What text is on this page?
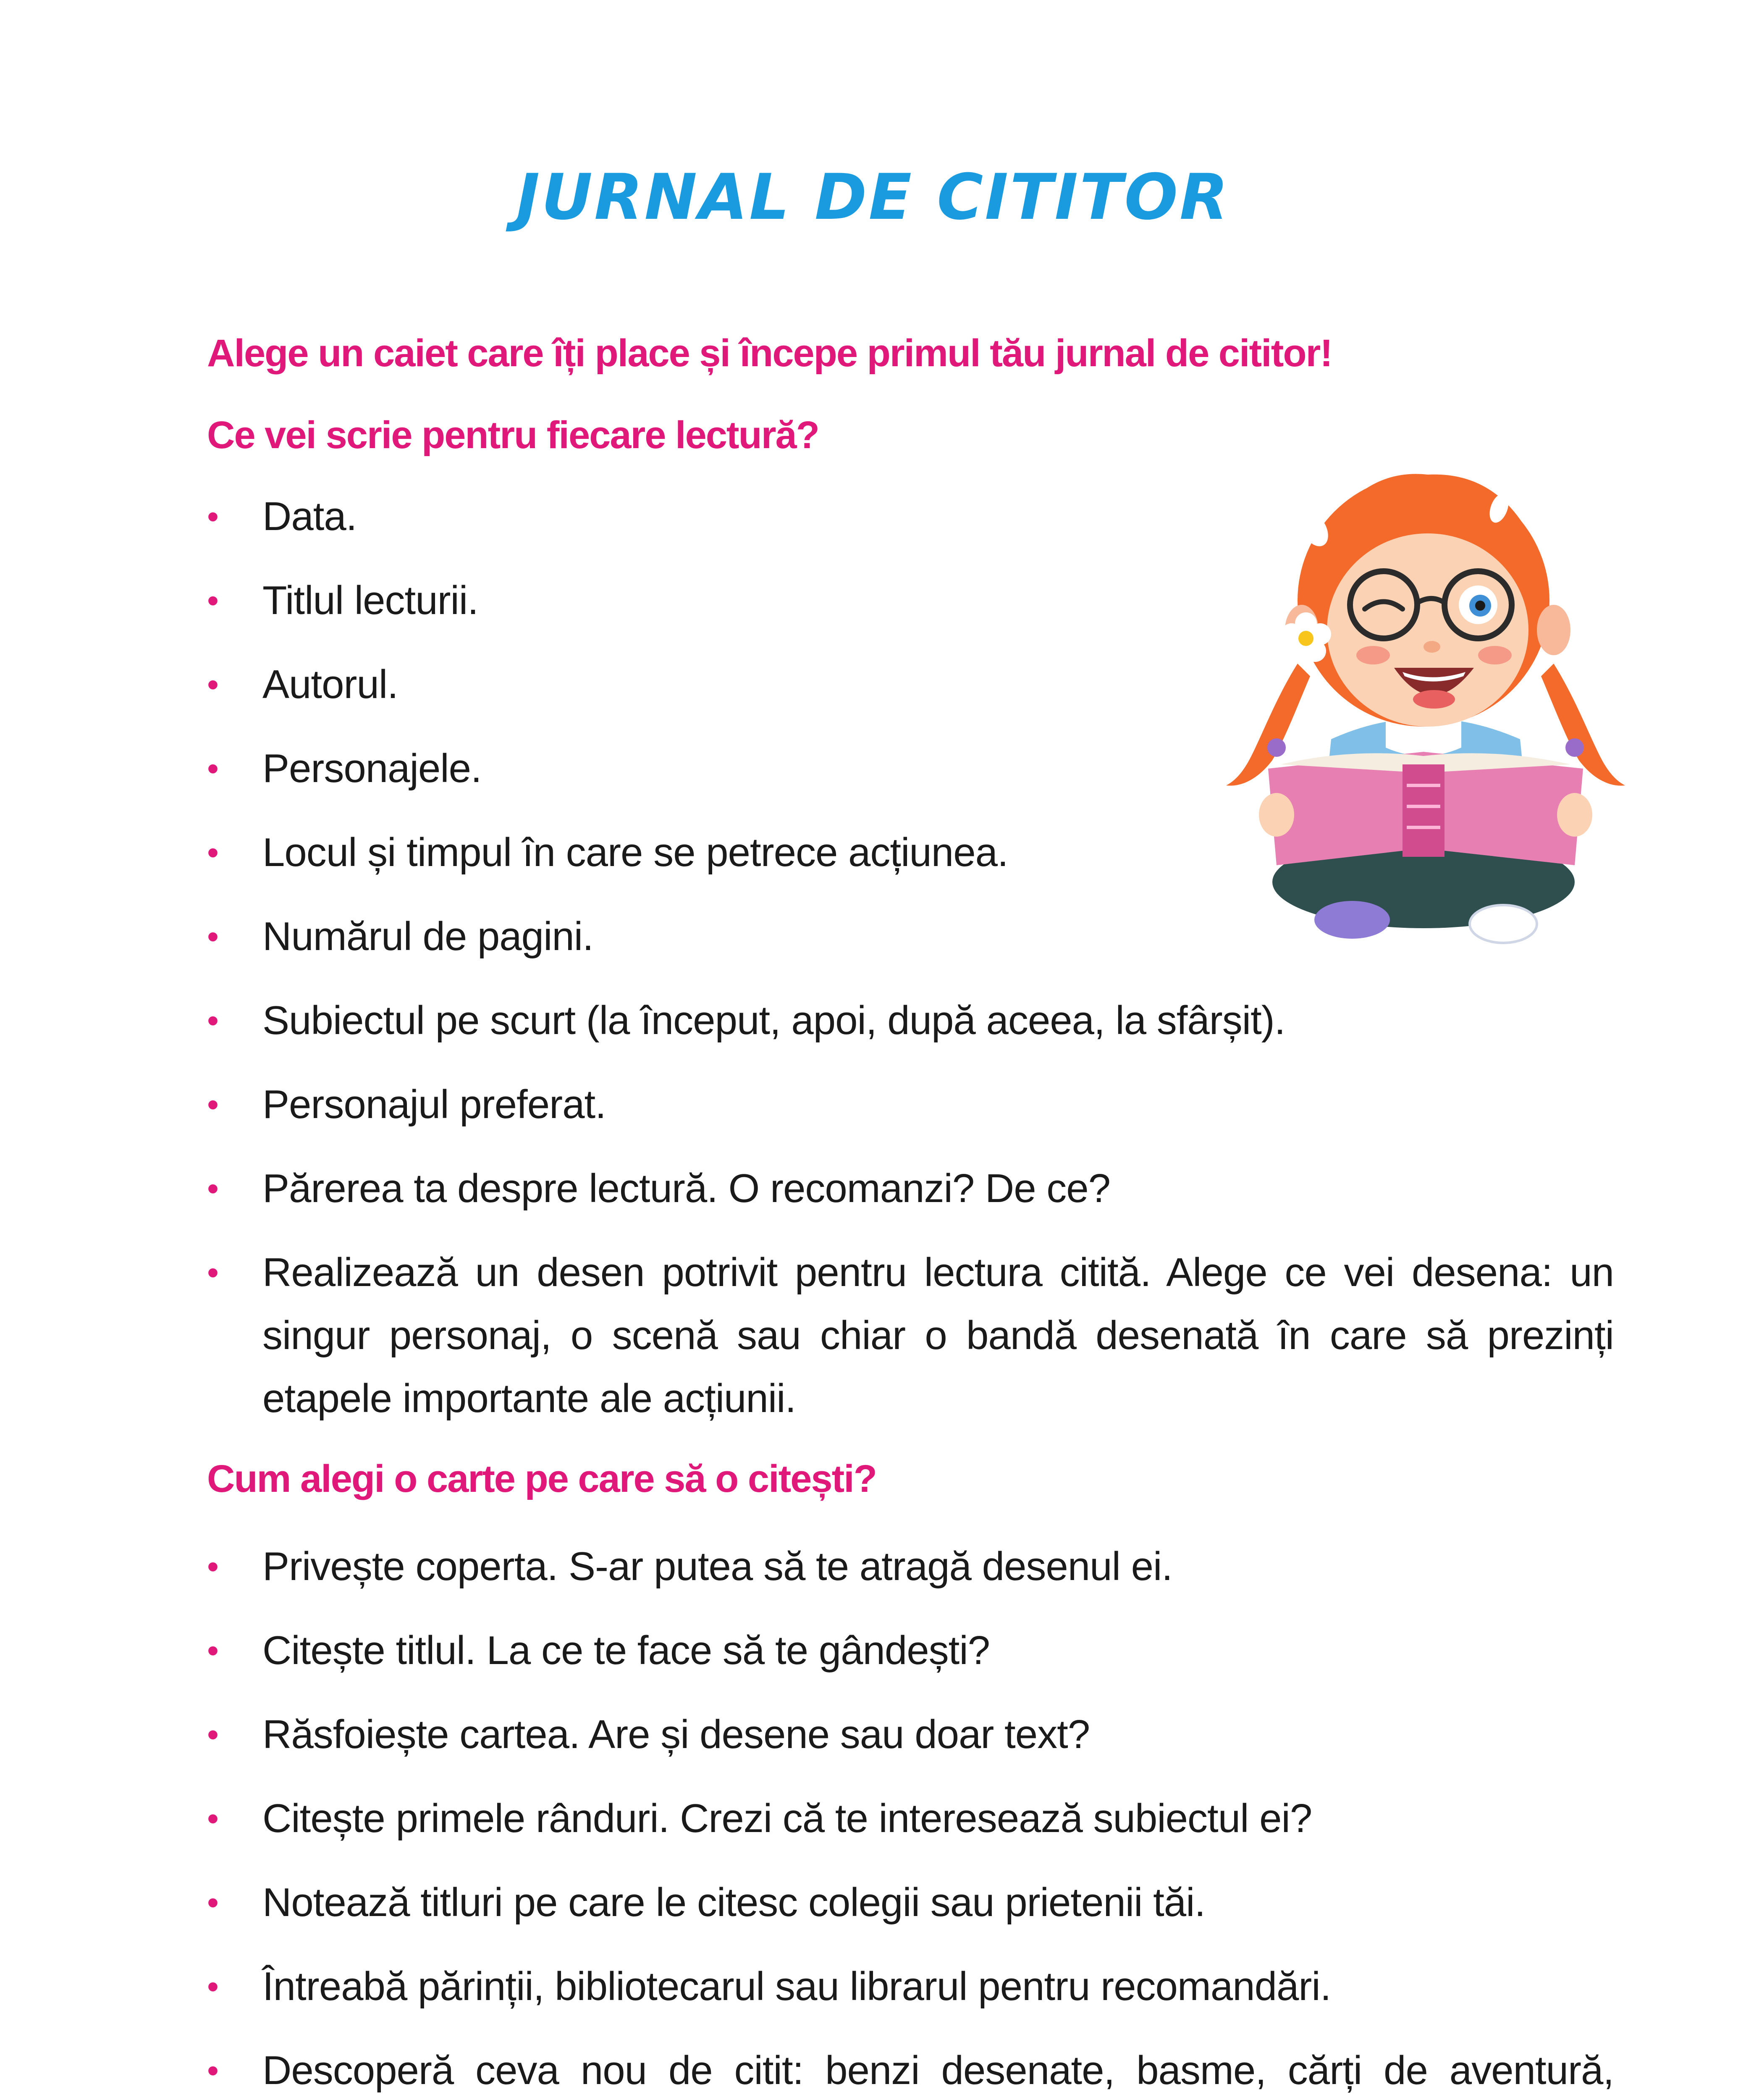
JURNAL DE CITITOR
Alege un caiet care îți place și începe primul tău jurnal de cititor!
Ce vei scrie pentru fiecare lectură?
•	Data.
•	Titlul lecturii.
•	Autorul.
•	Personajele.
•	Locul și timpul în care se petrece acțiunea.
•	Numărul de pagini.
•	Subiectul pe scurt (la început, apoi, după aceea, la sfârșit).
•	Personajul preferat.
•	Părerea ta despre lectură. O recomanzi? De ce?
•	Realizează un desen potrivit pentru lectura citită. Alege ce vei desena: un singur personaj, o scenă sau chiar o bandă desenată în care să prezinți etapele importante ale acțiunii.
Cum alegi o carte pe care să o citești?
•	Privește coperta. S-ar putea să te atragă desenul ei.
•	Citește titlul. La ce te face să te gândești?
•	Răsfoiește cartea. Are și desene sau doar text?
•	Citește primele rânduri. Crezi că te interesează subiectul ei?
•	Notează titluri pe care le citesc colegii sau prietenii tăi.
•	Întreabă părinții, bibliotecarul sau librarul pentru recomandări.
•	Descoperă ceva nou de citit: benzi desenate, basme, cărți de aventură,
